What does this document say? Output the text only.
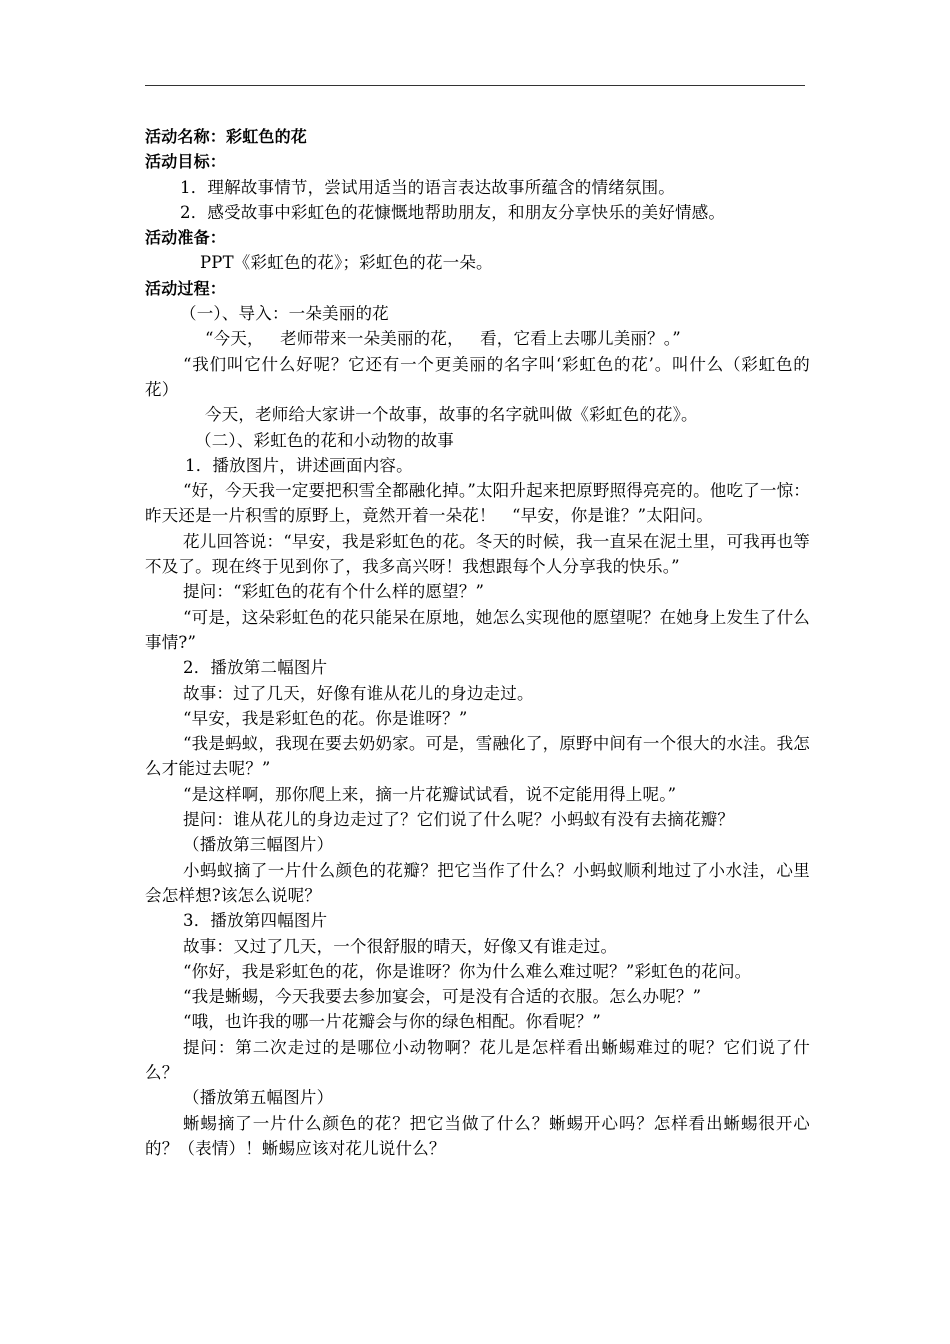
活动名称：彩虹色的花
活动目标：
1．理解故事情节，尝试用适当的语言表达故事所蕴含的情绪氛围。
2．感受故事中彩虹色的花慷慨地帮助朋友，和朋友分享快乐的美好情感。
活动准备：
PPT《彩虹色的花》；彩虹色的花一朵。
活动过程：
（一）、导入：一朵美丽的花
“今天，   老师带来一朵美丽的花，   看，它看上去哪儿美丽？。”
“我们叫它什么好呢？它还有一个更美丽的名字叫‘彩虹色的花’。叫什么（彩虹色的花）
今天，老师给大家讲一个故事，故事的名字就叫做《彩虹色的花》。
（二）、彩虹色的花和小动物的故事
1．播放图片，讲述画面内容。
“好，今天我一定要把积雪全都融化掉。”太阳升起来把原野照得亮亮的。他吃了一惊：昨天还是一片积雪的原野上，竟然开着一朵花！   “早安，你是谁？”太阳问。
花儿回答说：“早安，我是彩虹色的花。冬天的时候，我一直呆在泥土里，可我再也等不及了。现在终于见到你了，我多高兴呀！我想跟每个人分享我的快乐。”
提问：“彩虹色的花有个什么样的愿望？”
“可是，这朵彩虹色的花只能呆在原地，她怎么实现他的愿望呢？在她身上发生了什么事情?”
2．播放第二幅图片
故事：过了几天，好像有谁从花儿的身边走过。
“早安，我是彩虹色的花。你是谁呀？”
“我是蚂蚁，我现在要去奶奶家。可是，雪融化了，原野中间有一个很大的水洼。我怎么才能过去呢？”
“是这样啊，那你爬上来，摘一片花瓣试试看，说不定能用得上呢。”
提问：谁从花儿的身边走过了？它们说了什么呢？小蚂蚁有没有去摘花瓣？
（播放第三幅图片）
小蚂蚁摘了一片什么颜色的花瓣？把它当作了什么？小蚂蚁顺利地过了小水洼，心里会怎样想?该怎么说呢？
3．播放第四幅图片
故事：又过了几天，一个很舒服的晴天，好像又有谁走过。
“你好，我是彩虹色的花，你是谁呀？你为什么难么难过呢？”彩虹色的花问。
“我是蜥蜴，今天我要去参加宴会，可是没有合适的衣服。怎么办呢？”
“哦，也许我的哪一片花瓣会与你的绿色相配。你看呢？”
提问：第二次走过的是哪位小动物啊？花儿是怎样看出蜥蜴难过的呢？它们说了什么？
（播放第五幅图片）
蜥蜴摘了一片什么颜色的花？把它当做了什么？蜥蜴开心吗？怎样看出蜥蜴很开心的？（表情）！蜥蜴应该对花儿说什么？
